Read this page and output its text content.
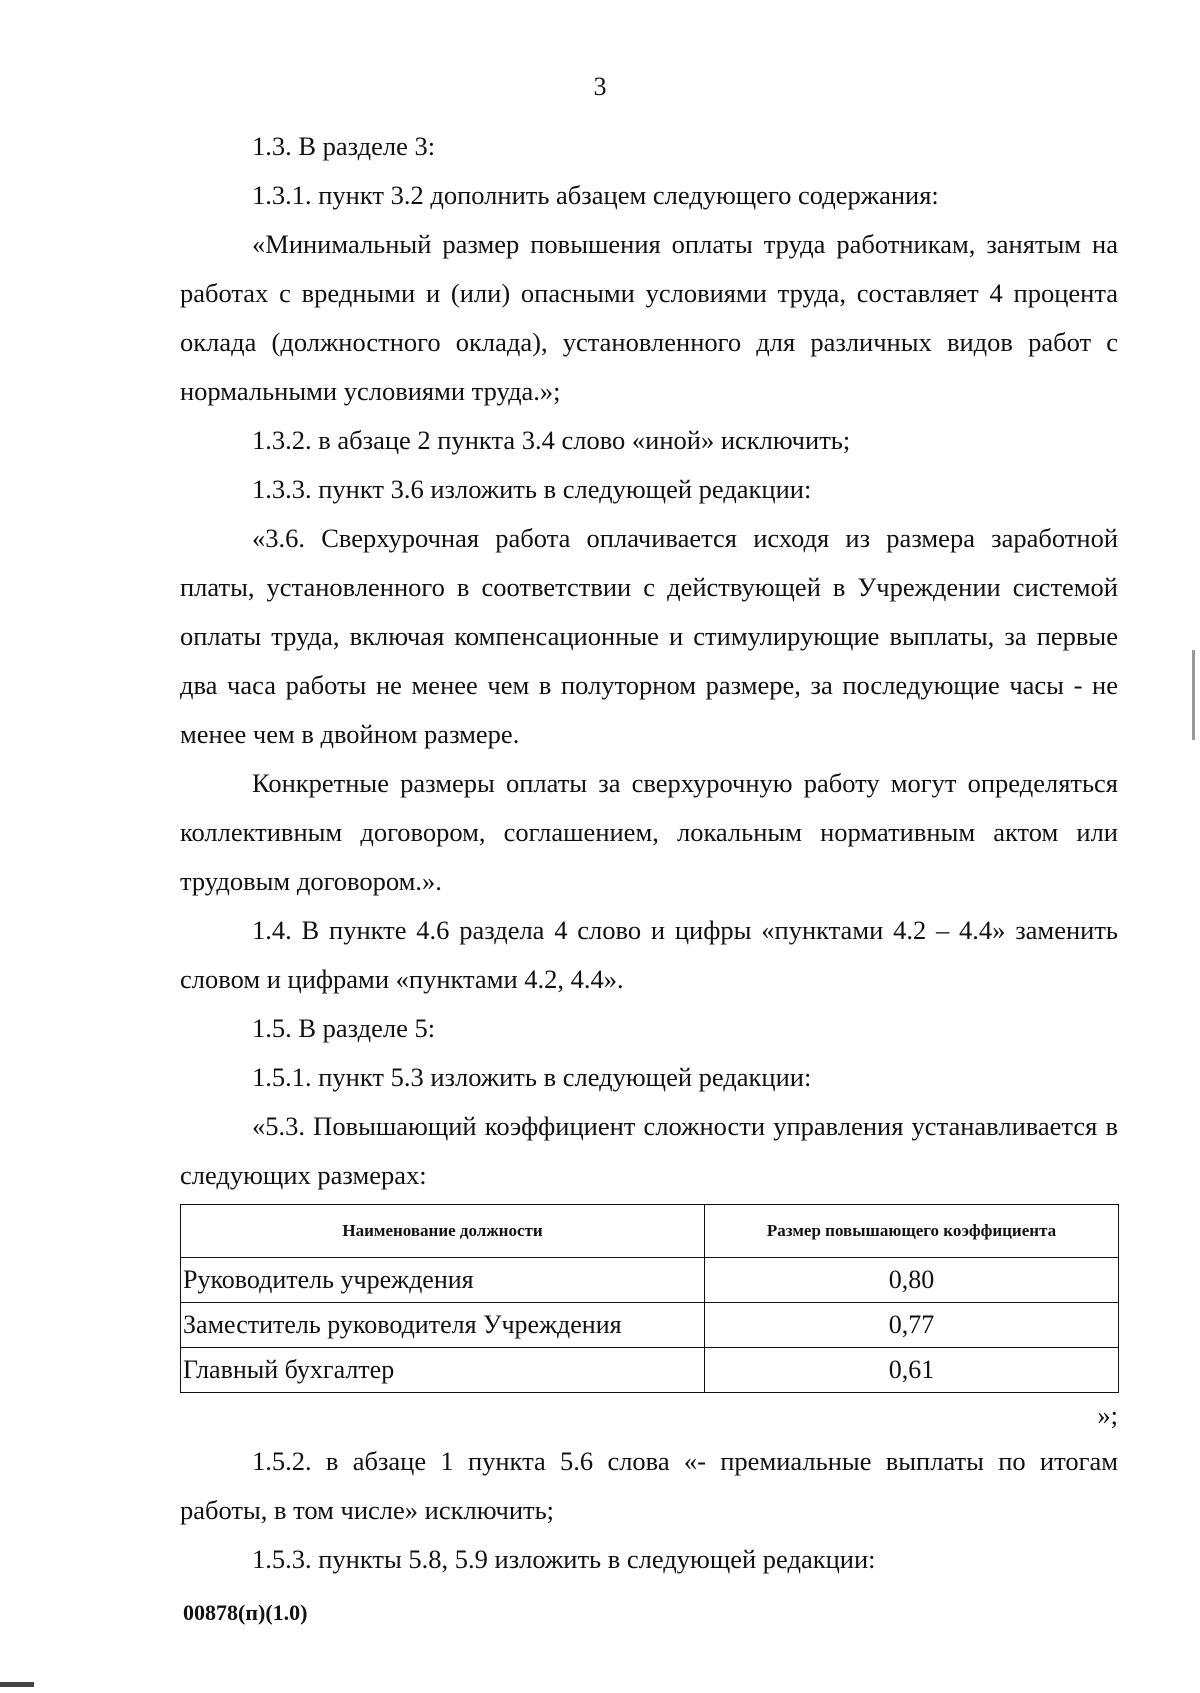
3

1.3. В разделе 3:

1.3.1. пункт 3.2 дополнить абзацем следующего содержания:

«Минимальный размер повышения оплаты труда работникам, занятым на работах с вредными и (или) опасными условиями труда, составляет 4 процента оклада (должностного оклада), установленного для различных видов работ с нормальными условиями труда.»;

1.3.2. в абзаце 2 пункта 3.4 слово «иной» исключить;

1.3.3. пункт 3.6 изложить в следующей редакции:

«3.6. Сверхурочная работа оплачивается исходя из размера заработной платы, установленного в соответствии с действующей в Учреждении системой оплаты труда, включая компенсационные и стимулирующие выплаты, за первые два часа работы не менее чем в полуторном размере, за последующие часы - не менее чем в двойном размере.

Конкретные размеры оплаты за сверхурочную работу могут определяться коллективным договором, соглашением, локальным нормативным актом или трудовым договором.».

1.4. В пункте 4.6 раздела 4 слово и цифры «пунктами 4.2 – 4.4» заменить словом и цифрами «пунктами 4.2, 4.4».

1.5. В разделе 5:

1.5.1. пункт 5.3 изложить в следующей редакции:

«5.3. Повышающий коэффициент сложности управления устанавливается в следующих размерах:

Наименование должности	Размер повышающего коэффициента
Руководитель учреждения	0,80
Заместитель руководителя Учреждения	0,77
Главный бухгалтер	0,61
»;

1.5.2. в абзаце 1 пункта 5.6 слова «- премиальные выплаты по итогам работы, в том числе» исключить;

1.5.3. пункты 5.8, 5.9 изложить в следующей редакции:

00878(п)(1.0)
